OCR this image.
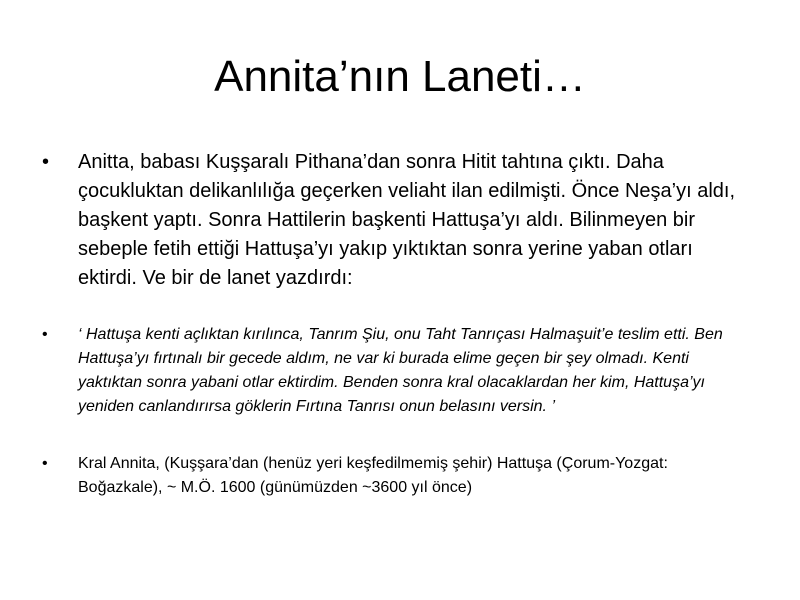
Annita’nın Laneti…
• Anitta, babası Kuşşaralı Pithana’dan sonra Hitit tahtına çıktı. Daha çocukluktan delikanlılığa geçerken veliaht ilan edilmişti. Önce Neşa’yı aldı, başkent yaptı. Sonra Hattilerin başkenti Hattuşa’yı aldı. Bilinmeyen bir sebeple fetih ettiği Hattuşa’yı yakıp yıktıktan sonra yerine yaban otları ektirdi. Ve bir de lanet yazdırdı:
• ‘ Hattuşa kenti açlıktan kırılınca, Tanrım Şiu, onu Taht Tanrıçası Halmaşuit’e teslim etti. Ben Hattuşa’yı fırtınalı bir gecede aldım, ne var ki burada elime geçen bir şey olmadı. Kenti yaktıktan sonra yabani otlar ektirdim. Benden sonra kral olacaklardan her kim, Hattuşa’yı yeniden canlandırırsa göklerin Fırtına Tanrısı onun belasını versin. ’
• Kral Annita, (Kuşşara’dan (henüz yeri keşfedilmemiş şehir) Hattuşa (Çorum-Yozgat: Boğazkale), ~ M.Ö. 1600 (günümüzden ~3600 yıl önce)
